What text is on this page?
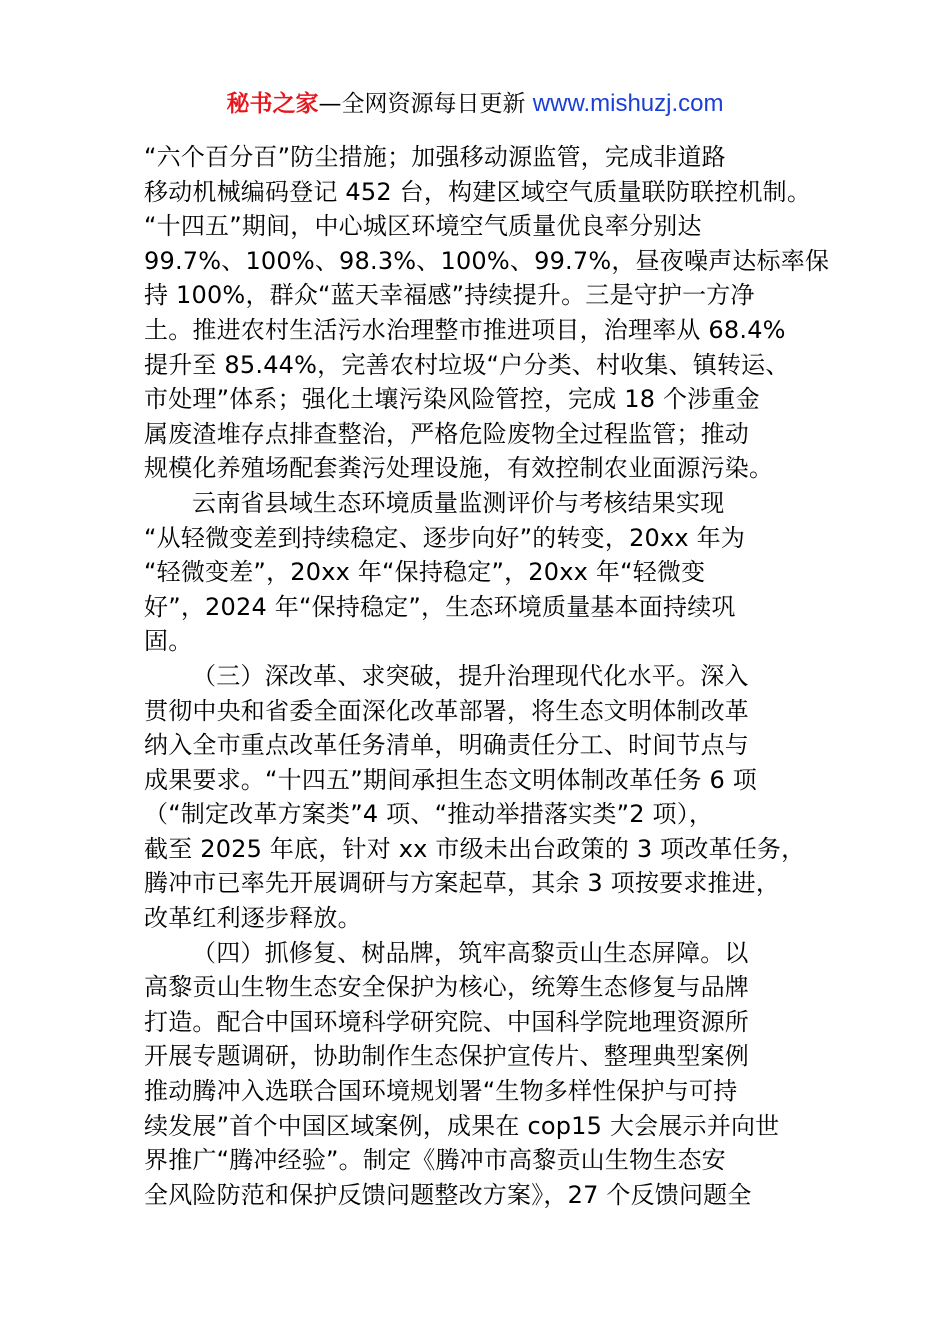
秘书之家—全网资源每日更新 www.mishuzj.com
“六个百分百”防尘措施；加强移动源监管，完成非道路
移动机械编码登记 452 台，构建区域空气质量联防联控机制。
“十四五”期间，中心城区环境空气质量优良率分别达
99.7%、100%、98.3%、100%、99.7%，昼夜噪声达标率保
持 100%，群众“蓝天幸福感”持续提升。三是守护一方净
土。推进农村生活污水治理整市推进项目，治理率从 68.4%
提升至 85.44%，完善农村垃圾“户分类、村收集、镇转运、
市处理”体系；强化土壤污染风险管控，完成 18 个涉重金
属废渣堆存点排查整治，严格危险废物全过程监管；推动
规模化养殖场配套粪污处理设施，有效控制农业面源污染。
云南省县域生态环境质量监测评价与考核结果实现
“从轻微变差到持续稳定、逐步向好”的转变，20xx 年为
“轻微变差”，20xx 年“保持稳定”，20xx 年“轻微变
好”，2024 年“保持稳定”，生态环境质量基本面持续巩
固。
（三）深改革、求突破，提升治理现代化水平。深入
贯彻中央和省委全面深化改革部署，将生态文明体制改革
纳入全市重点改革任务清单，明确责任分工、时间节点与
成果要求。“十四五”期间承担生态文明体制改革任务 6 项
（“制定改革方案类”4 项、“推动举措落实类”2 项），
截至 2025 年底，针对 xx 市级未出台政策的 3 项改革任务，
腾冲市已率先开展调研与方案起草，其余 3 项按要求推进，
改革红利逐步释放。
（四）抓修复、树品牌，筑牢高黎贡山生态屏障。以
高黎贡山生物生态安全保护为核心，统筹生态修复与品牌
打造。配合中国环境科学研究院、中国科学院地理资源所
开展专题调研，协助制作生态保护宣传片、整理典型案例
推动腾冲入选联合国环境规划署“生物多样性保护与可持
续发展”首个中国区域案例，成果在 cop15 大会展示并向世
界推广“腾冲经验”。制定《腾冲市高黎贡山生物生态安
全风险防范和保护反馈问题整改方案》，27 个反馈问题全
